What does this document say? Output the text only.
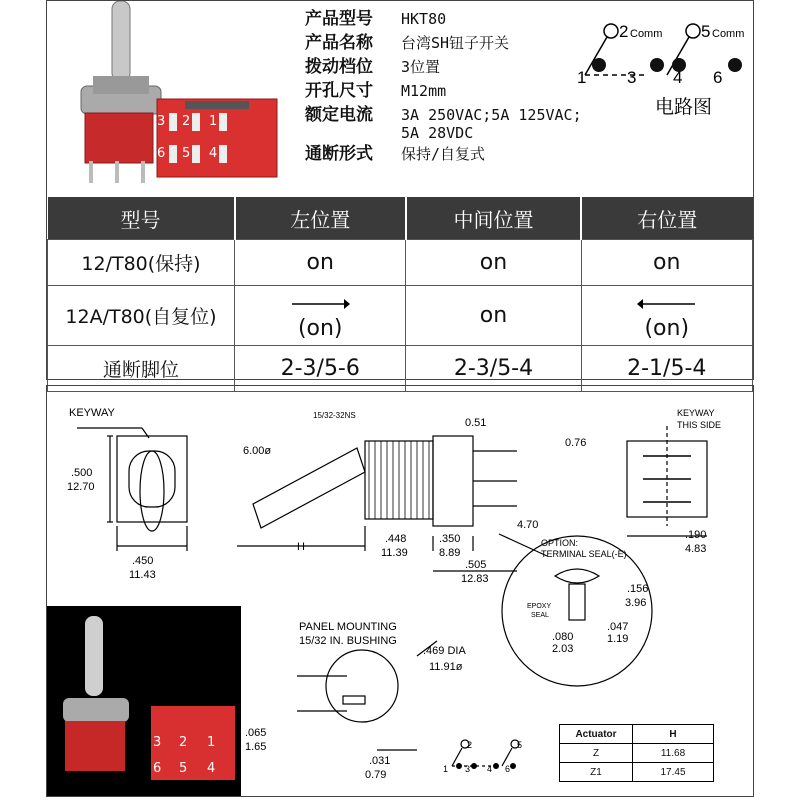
3 2 1
6 5 4
产品型号 HKT80
产品名称 台湾SH钮子开关
拨动档位 3位置
开孔尺寸 M12mm
额定电流 3A 250VAC;5A 125VAC;
5A 28VDC
通断形式 保持/自复式
2 Comm 5 Comm
1 3 4 6
电路图
型号	左位置	中间位置	右位置
12/T80(保持)	on	on	on
12A/T80(自复位)	(on)	on	(on)

通断脚位	2-3/5-6	2-3/5-4	2-1/5-4
KEYWAY
.500
12.70
.450
11.43
15/32-32NS
6.00ø
0.51
0.76
H
.448
11.39
.350
8.89
.505
12.83
4.70
KEYWAY
THIS SIDE
.190
4.83
OPTION:
TERMINAL SEAL(-E)
EPOXY
SEAL
.156
3.96
.047
1.19
.080
2.03
PANEL MOUNTING
15/32 IN. BUSHING
.469 DIA
11.91ø
.065
1.65
.031
0.79
2	5
1 3 4 6
3 2 1
6 5 4
Actuator	H
Z	11.68
Z1	17.45
